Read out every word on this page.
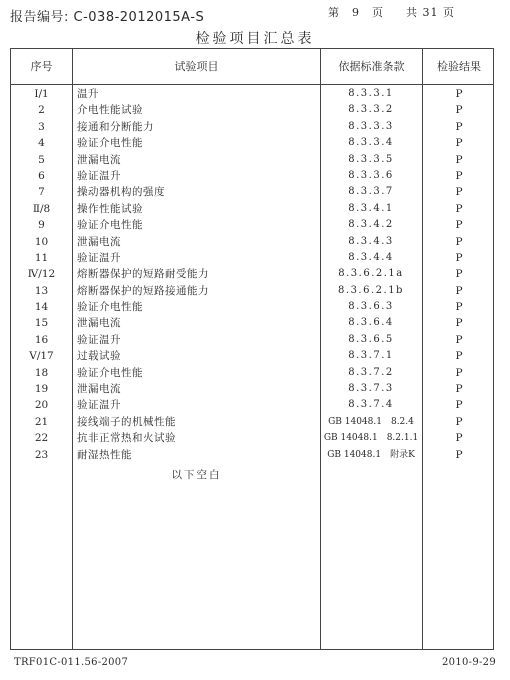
报告编号: C-038-2012015A-S	第　9　页 共 31 页
检验项目汇总表
序号	试验项目	依据标准条款	检验结果
Ⅰ/1	温升	8.3.3.1	P
2	介电性能试验	8.3.3.2	P
3	接通和分断能力	8.3.3.3	P
4	验证介电性能	8.3.3.4	P
5	泄漏电流	8.3.3.5	P
6	验证温升	8.3.3.6	P
7	操动器机构的强度	8.3.3.7	P
Ⅱ/8	操作性能试验	8.3.4.1	P
9	验证介电性能	8.3.4.2	P
10	泄漏电流	8.3.4.3	P
11	验证温升	8.3.4.4	P
Ⅳ/12	熔断器保护的短路耐受能力	8.3.6.2.1a	P
13	熔断器保护的短路接通能力	8.3.6.2.1b	P
14	验证介电性能	8.3.6.3	P
15	泄漏电流	8.3.6.4	P
16	验证温升	8.3.6.5	P
Ⅴ/17	过载试验	8.3.7.1	P
18	验证介电性能	8.3.7.2	P
19	泄漏电流	8.3.7.3	P
20	验证温升	8.3.7.4	P
21	接线端子的机械性能	GB 14048.1　8.2.4	P
22	抗非正常热和火试验	GB 14048.1　8.2.1.1	P
23	耐湿热性能	GB 14048.1　附录K	P
以下空白
TRF01C-011.56-2007	2010-9-29
